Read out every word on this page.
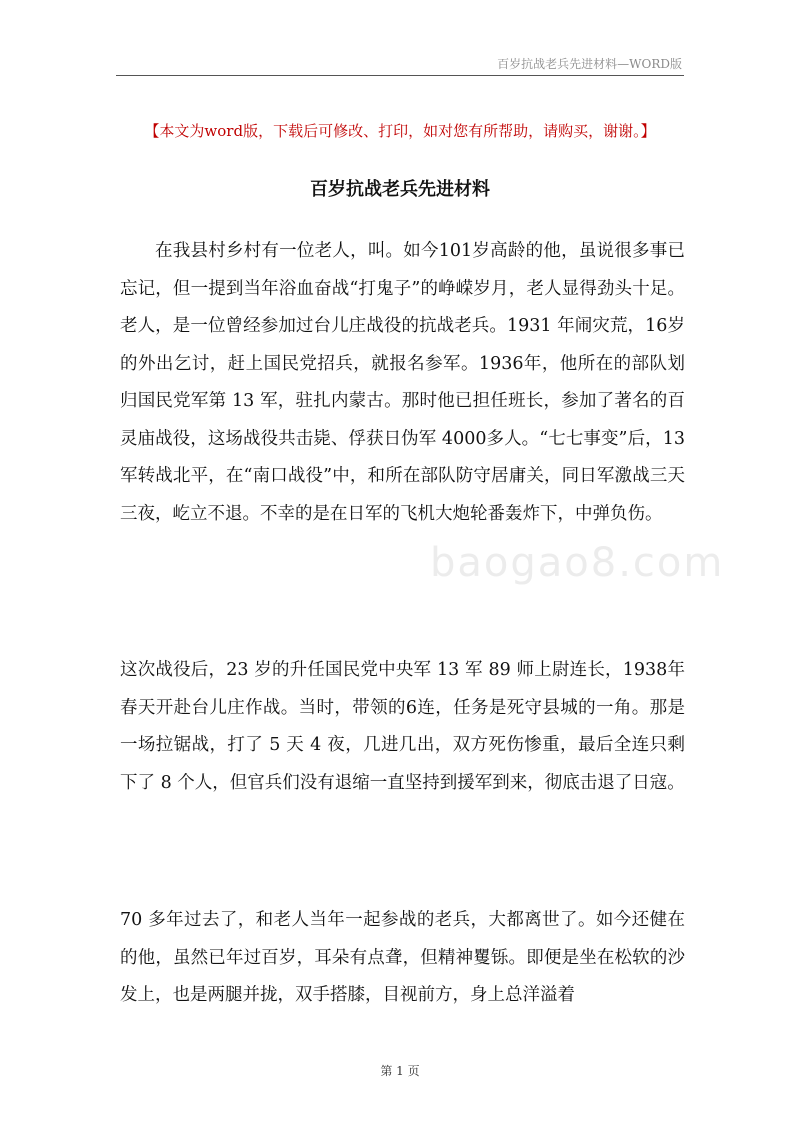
百岁抗战老兵先进材料—WORD版
【本文为word版，下载后可修改、打印，如对您有所帮助，请购买，谢谢。】
百岁抗战老兵先进材料
baogao8.com
在我县村乡村有一位老人，叫。如今101岁高龄的他，虽说很多事已忘记，但一提到当年浴血奋战“打鬼子”的峥嵘岁月，老人显得劲头十足。老人，是一位曾经参加过台儿庄战役的抗战老兵。1931 年闹灾荒，16岁的外出乞讨，赶上国民党招兵，就报名参军。1936年，他所在的部队划归国民党军第 13 军，驻扎内蒙古。那时他已担任班长，参加了著名的百灵庙战役，这场战役共击毙、俘获日伪军 4000多人。“七七事变”后，13军转战北平，在“南口战役”中，和所在部队防守居庸关，同日军激战三天三夜，屹立不退。不幸的是在日军的飞机大炮轮番轰炸下，中弹负伤。
这次战役后，23 岁的升任国民党中央军 13 军 89 师上尉连长，1938年春天开赴台儿庄作战。当时，带领的6连，任务是死守县城的一角。那是一场拉锯战，打了 5 天 4 夜，几进几出，双方死伤惨重，最后全连只剩下了 8 个人，但官兵们没有退缩一直坚持到援军到来，彻底击退了日寇。
70 多年过去了，和老人当年一起参战的老兵，大都离世了。如今还健在的他，虽然已年过百岁，耳朵有点聋，但精神矍铄。即便是坐在松软的沙发上，也是两腿并拢，双手搭膝，目视前方，身上总洋溢着
第 1 页
